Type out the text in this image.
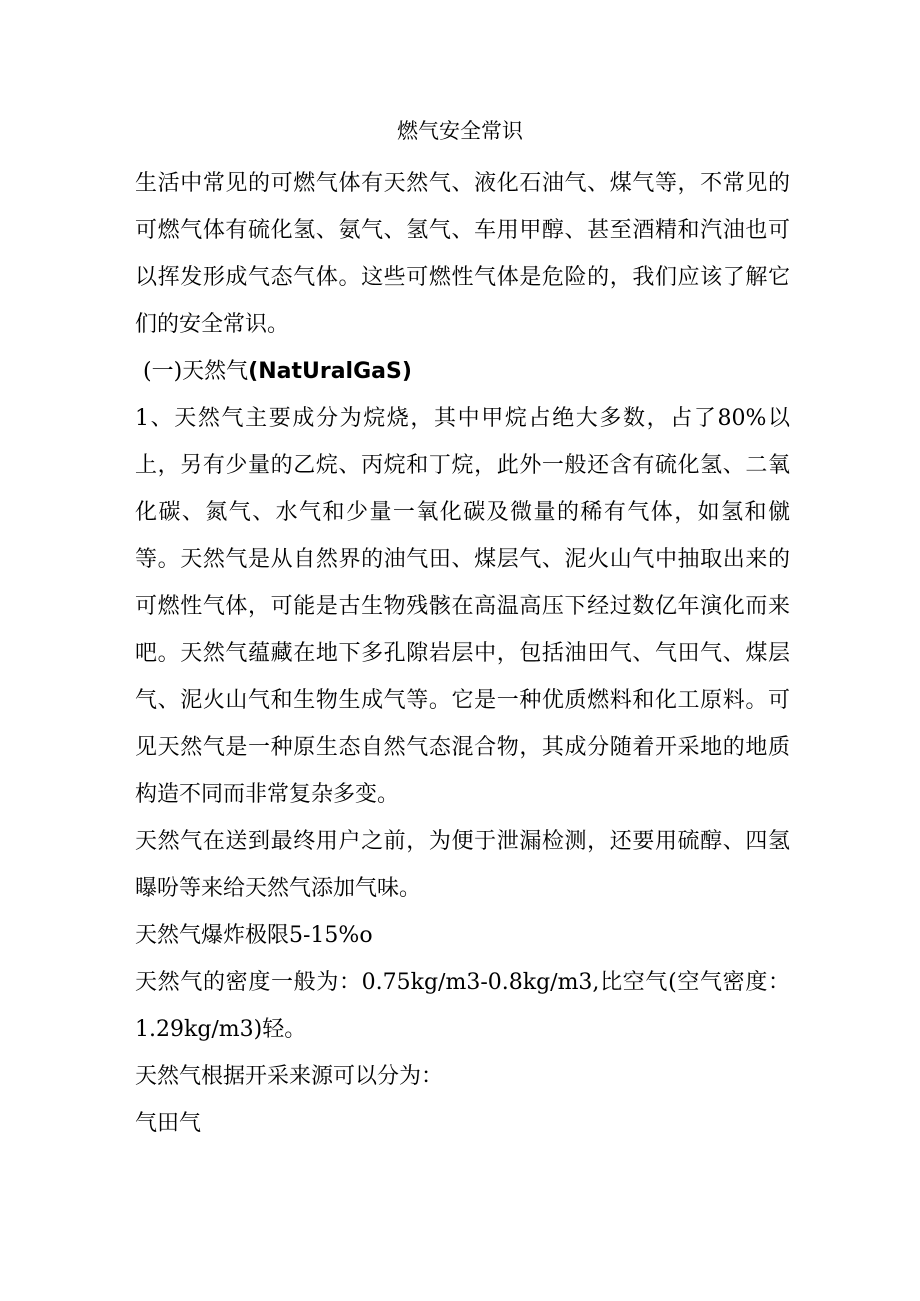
燃气安全常识

生活中常见的可燃气体有天然气、液化石油气、煤气等，不常见的可燃气体有硫化氢、氨气、氢气、车用甲醇、甚至酒精和汽油也可以挥发形成气态气体。这些可燃性气体是危险的，我们应该了解它们的安全常识。

(一)天然气(NatUralGaS)

1、天然气主要成分为烷烧，其中甲烷占绝大多数，占了80%以上，另有少量的乙烷、丙烷和丁烷，此外一般还含有硫化氢、二氧化碳、氮气、水气和少量一氧化碳及微量的稀有气体，如氢和僦等。天然气是从自然界的油气田、煤层气、泥火山气中抽取出来的可燃性气体，可能是古生物残骸在高温高压下经过数亿年演化而来吧。天然气蕴藏在地下多孔隙岩层中，包括油田气、气田气、煤层气、泥火山气和生物生成气等。它是一种优质燃料和化工原料。可见天然气是一种原生态自然气态混合物，其成分随着开采地的地质构造不同而非常复杂多变。

天然气在送到最终用户之前，为便于泄漏检测，还要用硫醇、四氢曝吩等来给天然气添加气味。

天然气爆炸极限5-15%o

天然气的密度一般为：0.75kg∕m3-0.8kg∕m3,比空气(空气密度：1.29kg∕m3)轻。

天然气根据开采来源可以分为：

气田气
